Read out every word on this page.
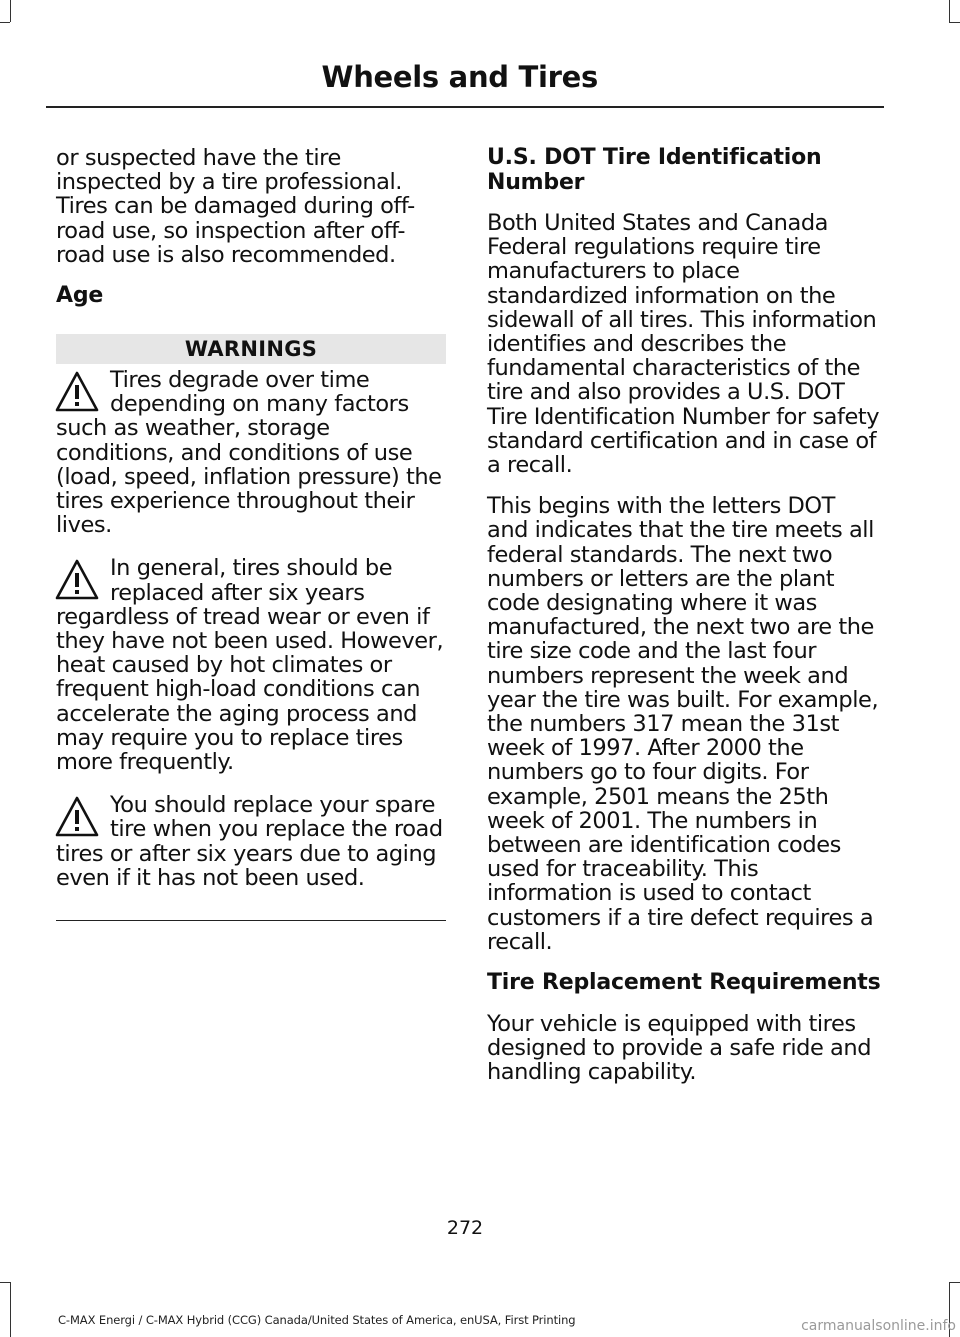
Wheels and Tires

or suspected have the tire inspected by a tire professional. Tires can be damaged during off-road use, so inspection after off-road use is also recommended.

Age
WARNINGS
Tires degrade over time depending on many factors such as weather, storage conditions, and conditions of use (load, speed, inflation pressure) the tires experience throughout their lives.
In general, tires should be replaced after six years regardless of tread wear or even if they have not been used. However, heat caused by hot climates or frequent high-load conditions can accelerate the aging process and may require you to replace tires more frequently.
You should replace your spare tire when you replace the road tires or after six years due to aging even if it has not been used.
U.S. DOT Tire Identification Number

Both United States and Canada Federal regulations require tire manufacturers to place standardized information on the sidewall of all tires. This information identifies and describes the fundamental characteristics of the tire and also provides a U.S. DOT Tire Identification Number for safety standard certification and in case of a recall.

This begins with the letters DOT and indicates that the tire meets all federal standards. The next two numbers or letters are the plant code designating where it was manufactured, the next two are the tire size code and the last four numbers represent the week and year the tire was built. For example, the numbers 317 mean the 31st week of 1997. After 2000 the numbers go to four digits. For example, 2501 means the 25th week of 2001. The numbers in between are identification codes used for traceability. This information is used to contact customers if a tire defect requires a recall.

Tire Replacement Requirements

Your vehicle is equipped with tires designed to provide a safe ride and handling capability.

272
C-MAX Energi / C-MAX Hybrid (CCG) Canada/United States of America, enUSA, First Printing	carmanualsonline.info
